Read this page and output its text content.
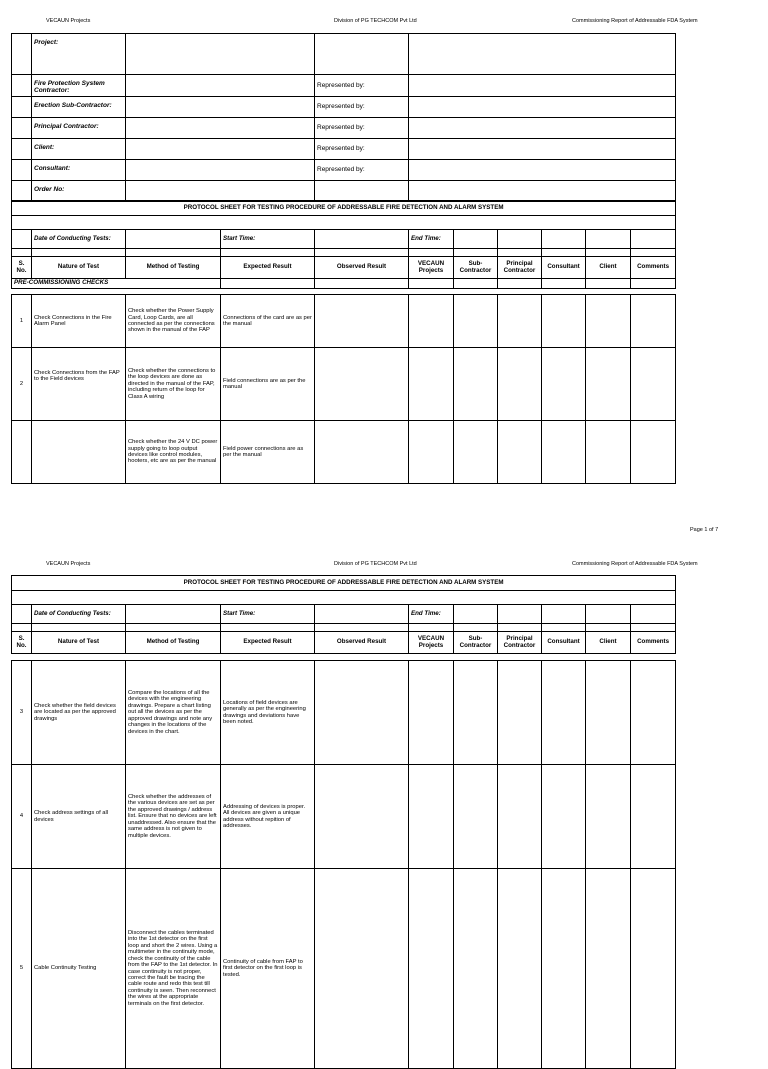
VECAUN Projects	Division of PG TECHCOM Pvt Ltd	Commissioning Report of Addressable FDA System
	Project:			
	Fire Protection System Contractor:		Represented by:	
	Erection Sub-Contractor:		Represented by:	
	Principal Contractor:		Represented by:	
	Client:		Represented by:	
	Consultant:		Represented by:	
	Order No:			
PROTOCOL SHEET FOR TESTING PROCEDURE OF ADDRESSABLE FIRE DETECTION AND ALARM SYSTEM										

	Date of Conducting Tests:		Start Time:		End Time:					

S. No.	Nature of Test	Method of Testing	Expected Result	Observed Result	VECAUN Projects	Sub-Contractor	Principal Contractor	Consultant	Client	Comments
PRE-COMMISSIONING CHECKS										
1	Check Connections in the Fire Alarm Panel	Check whether the Power Supply Card, Loop Cards, are all connected as per the connections shown in the manual of the FAP	Connections of the card are as per the manual							
2	Check Connections from the FAP to the Field devices	Check whether the connections to the loop devices are done as directed in the manual of the FAP, including return of the loop for Class A wiring	Field connections are as per the manual							
		Check whether the 24 V DC power supply going to loop output devices like control modules, hooters, etc are as per the manual	Field power connections are as per the manual							
Page 1 of 7
VECAUN Projects	Division of PG TECHCOM Pvt Ltd	Commissioning Report of Addressable FDA System
PROTOCOL SHEET FOR TESTING PROCEDURE OF ADDRESSABLE FIRE DETECTION AND ALARM SYSTEM										

	Date of Conducting Tests:		Start Time:		End Time:					

S. No.	Nature of Test	Method of Testing	Expected Result	Observed Result	VECAUN Projects	Sub-Contractor	Principal Contractor	Consultant	Client	Comments
3	Check whether the field devices are located as per the approved drawings	Compare the locations of all the devices with the engineering drawings. Prepare a chart listing out all the devices as per the approved drawings and note any changes in the locations of the devices in the chart.	Locations of field devices are generally as per the engineering drawings and deviations have been noted.							
4	Check address settings of all devices	Check whether the addresses of the various devices are set as per the approved drawings / address list. Ensure that no devices are left unaddressed. Also ensure that the same address is not given to multiple devices.	Addressing of devices is proper. All devices are given a unique address without repition of addresses.							
5	Cable Continuity Testing	Disconnect the cables terminated into the 1st detector on the first loop and short the 2 wires. Using a multimeter in the continuity mode, check the continuity of the cable from the FAP to the 1st detector. In case continuity is not proper, correct the fault be tracing the cable route and redo this test till continuity is seen. Then reconnect the wires at the appropriate terminals on the first detector.	Continuity of cable from FAP to first detector on the first loop is tested.							
